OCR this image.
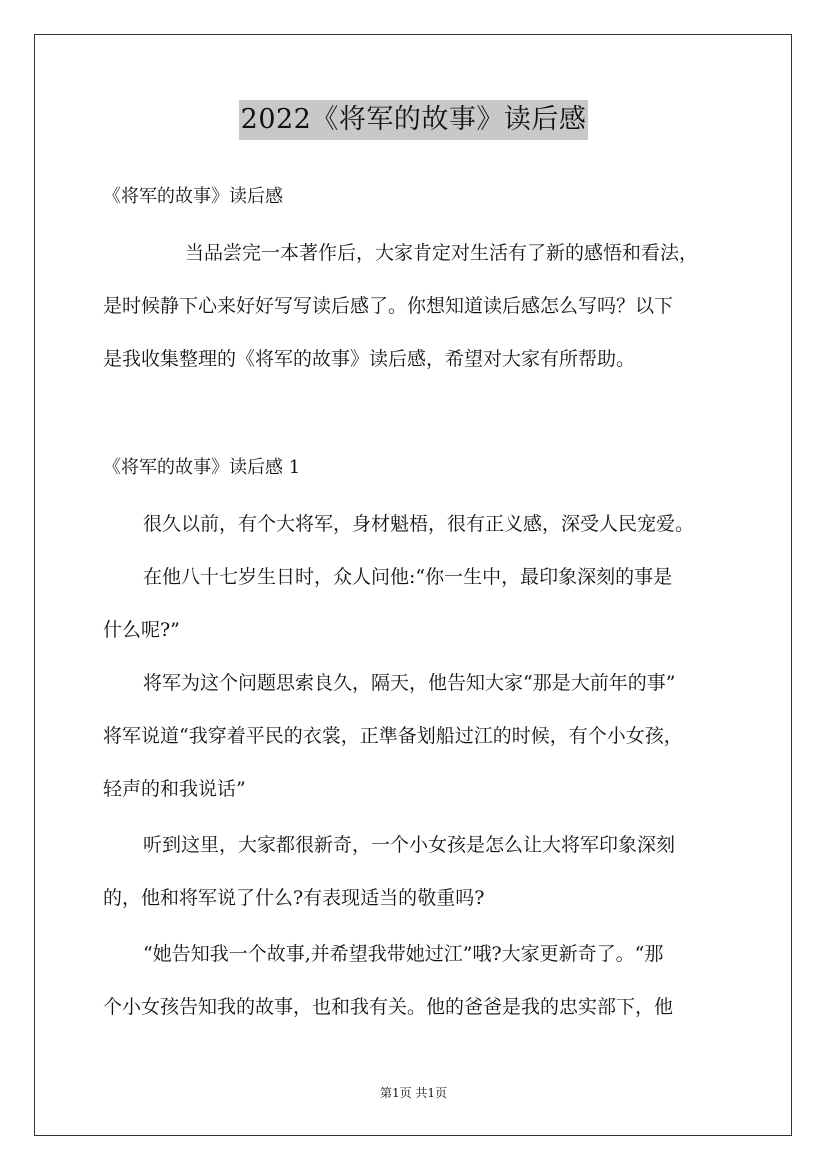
2022《将军的故事》读后感
《将军的故事》读后感
当品尝完一本著作后，大家肯定对生活有了新的感悟和看法，
是时候静下心来好好写写读后感了。你想知道读后感怎么写吗？以下
是我收集整理的《将军的故事》读后感，希望对大家有所帮助。
《将军的故事》读后感 1
很久以前，有个大将军，身材魁梧，很有正义感，深受人民宠爱。
在他八十七岁生日时，众人问他:“你一生中，最印象深刻的事是
什么呢?”
将军为这个问题思索良久，隔天，他告知大家“那是大前年的事”
将军说道“我穿着平民的衣裳，正準备划船过江的时候，有个小女孩，
轻声的和我说话”
听到这里，大家都很新奇，一个小女孩是怎么让大将军印象深刻
的，他和将军说了什么?有表现适当的敬重吗?
“她告知我一个故事,并希望我带她过江”哦?大家更新奇了。“那
个小女孩告知我的故事，也和我有关。他的爸爸是我的忠实部下，他
第1页 共1页
